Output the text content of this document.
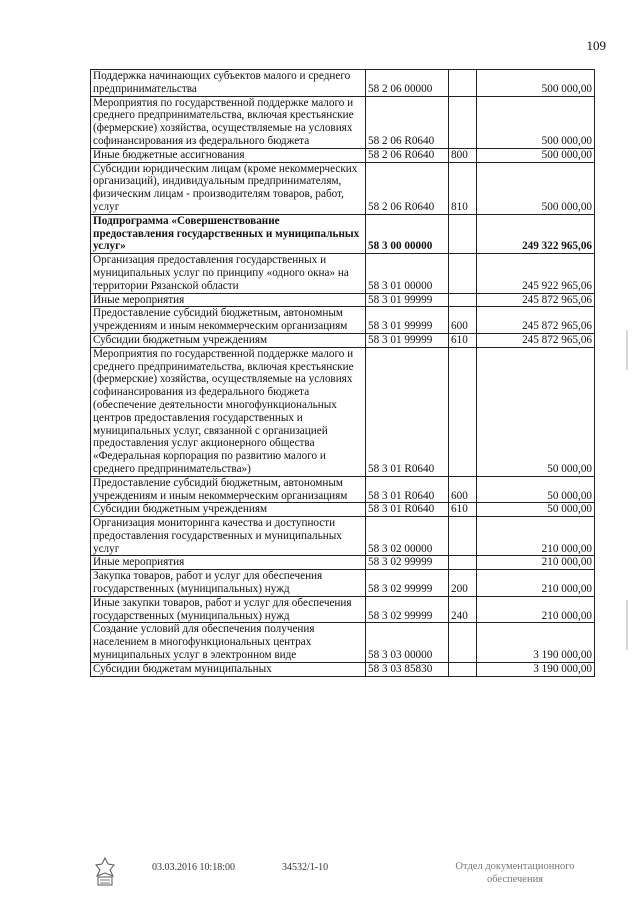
109
Поддержка начинающих субъектов малого и среднего предпринимательства	58 2 06 00000		500 000,00
Мероприятия по государственной поддержке малого и среднего предпринимательства, включая крестьянские (фермерские) хозяйства, осуществляемые на условиях софинансирования из федерального бюджета	58 2 06 R0640		500 000,00
Иные бюджетные ассигнования	58 2 06 R0640	800	500 000,00
Субсидии юридическим лицам (кроме некоммерческих организаций), индивидуальным предпринимателям, физическим лицам - производителям товаров, работ, услуг	58 2 06 R0640	810	500 000,00
Подпрограмма «Совершенствование предоставления государственных и муниципальных услуг»	58 3 00 00000		249 322 965,06
Организация предоставления государственных и муниципальных услуг по принципу «одного окна» на территории Рязанской области	58 3 01 00000		245 922 965,06
Иные мероприятия	58 3 01 99999		245 872 965,06
Предоставление субсидий бюджетным, автономным учреждениям и иным некоммерческим организациям	58 3 01 99999	600	245 872 965,06
Субсидии бюджетным учреждениям	58 3 01 99999	610	245 872 965,06
Мероприятия по государственной поддержке малого и среднего предпринимательства, включая крестьянские (фермерские) хозяйства, осуществляемые на условиях софинансирования из федерального бюджета (обеспечение деятельности многофункциональных центров предоставления государственных и муниципальных услуг, связанной с организацией предоставления услуг акционерного общества «Федеральная корпорация по развитию малого и среднего предпринимательства»)	58 3 01 R0640		50 000,00
Предоставление субсидий бюджетным, автономным учреждениям и иным некоммерческим организациям	58 3 01 R0640	600	50 000,00
Субсидии бюджетным учреждениям	58 3 01 R0640	610	50 000,00
Организация мониторинга качества и доступности предоставления государственных и муниципальных услуг	58 3 02 00000		210 000,00
Иные мероприятия	58 3 02 99999		210 000,00
Закупка товаров, работ и услуг для обеспечения государственных (муниципальных) нужд	58 3 02 99999	200	210 000,00
Иные закупки товаров, работ и услуг для обеспечения государственных (муниципальных) нужд	58 3 02 99999	240	210 000,00
Создание условий для обеспечения получения населением в многофункциональных центрах муниципальных услуг в электронном виде	58 3 03 00000		3 190 000,00
Субсидии бюджетам муниципальных	58 3 03 85830		3 190 000,00
03.03.2016 10:18:00	34532/1-10	Отдел документационного
обеспечения
